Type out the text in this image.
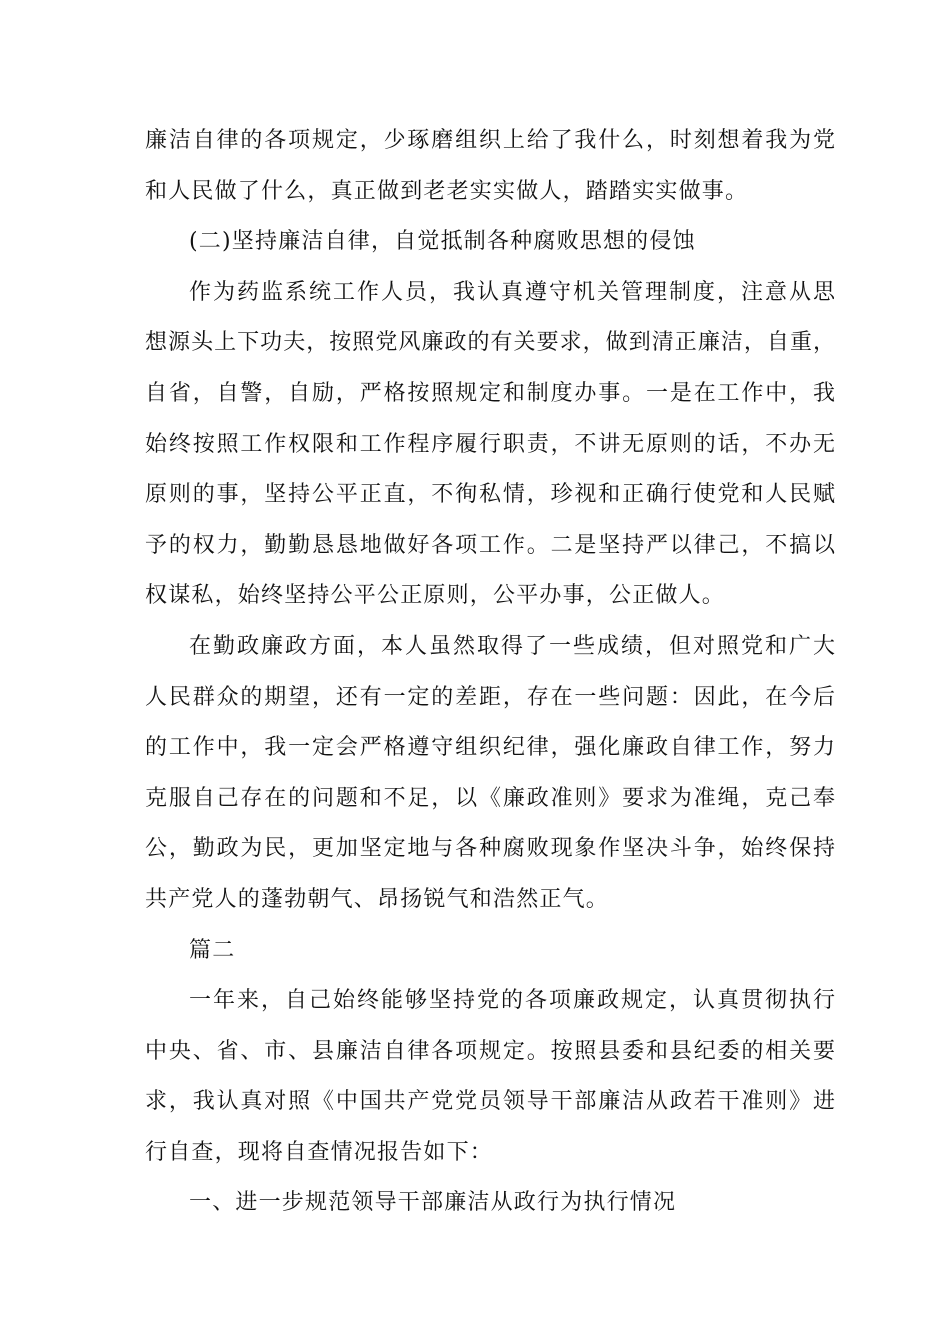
廉洁自律的各项规定，少琢磨组织上给了我什么，时刻想着我为党
和人民做了什么，真正做到老老实实做人，踏踏实实做事。
(二)坚持廉洁自律，自觉抵制各种腐败思想的侵蚀
作为药监系统工作人员，我认真遵守机关管理制度，注意从思
想源头上下功夫，按照党风廉政的有关要求，做到清正廉洁，自重，
自省，自警，自励，严格按照规定和制度办事。一是在工作中，我
始终按照工作权限和工作程序履行职责，不讲无原则的话，不办无
原则的事，坚持公平正直，不徇私情，珍视和正确行使党和人民赋
予的权力，勤勤恳恳地做好各项工作。二是坚持严以律己，不搞以
权谋私，始终坚持公平公正原则，公平办事，公正做人。
在勤政廉政方面，本人虽然取得了一些成绩，但对照党和广大
人民群众的期望，还有一定的差距，存在一些问题：因此，在今后
的工作中，我一定会严格遵守组织纪律，强化廉政自律工作，努力
克服自己存在的问题和不足，以《廉政准则》要求为准绳，克己奉
公，勤政为民，更加坚定地与各种腐败现象作坚决斗争，始终保持
共产党人的蓬勃朝气、昂扬锐气和浩然正气。
篇二
一年来，自己始终能够坚持党的各项廉政规定，认真贯彻执行
中央、省、市、县廉洁自律各项规定。按照县委和县纪委的相关要
求，我认真对照《中国共产党党员领导干部廉洁从政若干准则》进
行自查，现将自查情况报告如下：
一、进一步规范领导干部廉洁从政行为执行情况
